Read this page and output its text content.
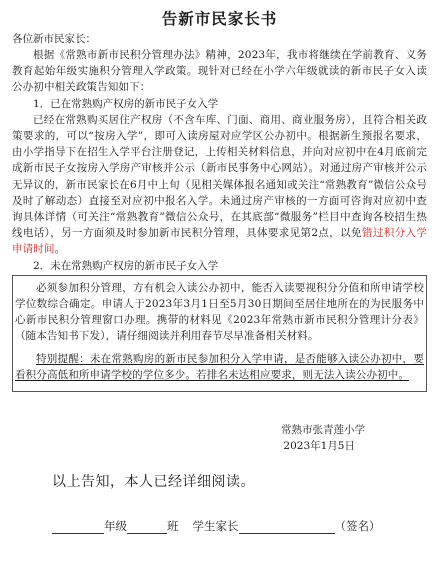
告新市民家长书
各位新市民家长：
根据《常熟市新市民积分管理办法》精神，2023年，我市将继续在学前教育、义务教育起始年级实施积分管理入学政策。现针对已经在小学六年级就读的新市民子女入读公办初中相关政策告知如下：
1．已在常熟购产权房的新市民子女入学
已经在常熟购买居住产权房（不含车库、门面、商用、商业服务房），且符合相关政策要求的，可以“按房入学”，即可入读房屋对应学区公办初中。根据新生预报名要求，由小学指导下在招生入学平台注册登记，上传相关材料信息，并向对应初中在4月底前完成新市民子女按房入学房产审核并公示（新市民事务中心网站）。对通过房产审核并公示无异议的，新市民家长在6月中上旬（见相关媒体报名通知或关注“常熟教育”微信公众号及时了解动态）直接至对应初中报名入学。未通过房产审核的一方面可咨询对应初中查询具体详情（可关注“常熟教育”微信公众号，在其底部“微服务”栏目中查询各校招生热线电话），另一方面须及时参加新市民积分管理，具体要求见第2点，以免错过积分入学申请时间。
2．未在常熟购产权房的新市民子女入学
必须参加积分管理，方有机会入读公办初中，能否入读要视积分分值和所申请学校学位数综合确定。申请人于2023年3月1日至5月30日期间至居住地所在的为民服务中心新市民积分管理窗口办理。携带的材料见《2023年常熟市新市民积分管理计分表》（随本告知书下发），请仔细阅读并利用春节尽早准备相关材料。
特别提醒：未在常熟购房的新市民参加积分入学申请，是否能够入读公办初中，要看积分高低和所申请学校的学位多少。若排名未达相应要求，则无法入读公办初中。
常熟市张青莲小学
2023年1月5日
以上告知，本人已经详细阅读。
年级	班 学生家长	（签名）
